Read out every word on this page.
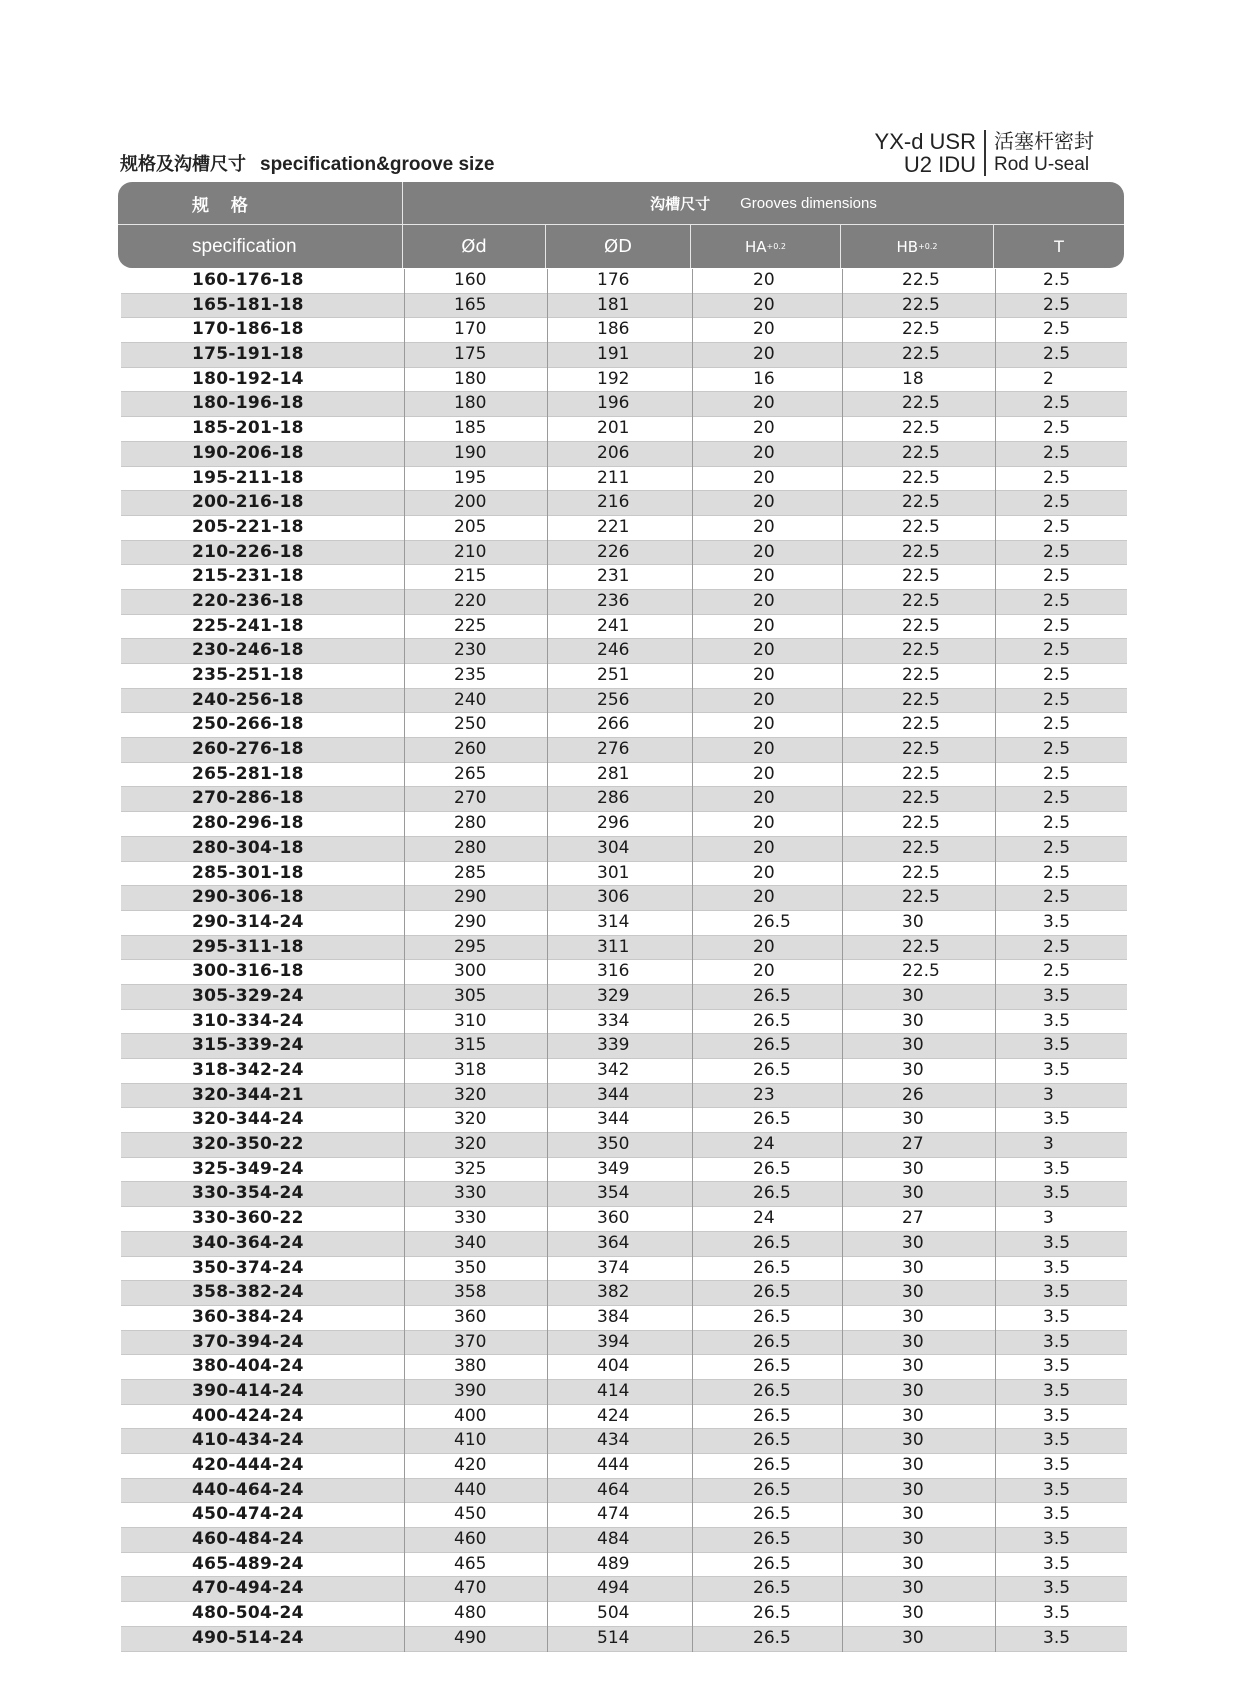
规格及沟槽尺寸 specification&groove size
YX-d USR
U2 IDU
活塞杆密封
Rod U-seal
规 格
specification
沟槽尺寸 Grooves dimensions
Ød	ØD	HA +0.2	HB +0.2	T
160-176-18	160	176	20	22.5	2.5
165-181-18	165	181	20	22.5	2.5
170-186-18	170	186	20	22.5	2.5
175-191-18	175	191	20	22.5	2.5
180-192-14	180	192	16	18	2
180-196-18	180	196	20	22.5	2.5
185-201-18	185	201	20	22.5	2.5
190-206-18	190	206	20	22.5	2.5
195-211-18	195	211	20	22.5	2.5
200-216-18	200	216	20	22.5	2.5
205-221-18	205	221	20	22.5	2.5
210-226-18	210	226	20	22.5	2.5
215-231-18	215	231	20	22.5	2.5
220-236-18	220	236	20	22.5	2.5
225-241-18	225	241	20	22.5	2.5
230-246-18	230	246	20	22.5	2.5
235-251-18	235	251	20	22.5	2.5
240-256-18	240	256	20	22.5	2.5
250-266-18	250	266	20	22.5	2.5
260-276-18	260	276	20	22.5	2.5
265-281-18	265	281	20	22.5	2.5
270-286-18	270	286	20	22.5	2.5
280-296-18	280	296	20	22.5	2.5
280-304-18	280	304	20	22.5	2.5
285-301-18	285	301	20	22.5	2.5
290-306-18	290	306	20	22.5	2.5
290-314-24	290	314	26.5	30	3.5
295-311-18	295	311	20	22.5	2.5
300-316-18	300	316	20	22.5	2.5
305-329-24	305	329	26.5	30	3.5
310-334-24	310	334	26.5	30	3.5
315-339-24	315	339	26.5	30	3.5
318-342-24	318	342	26.5	30	3.5
320-344-21	320	344	23	26	3
320-344-24	320	344	26.5	30	3.5
320-350-22	320	350	24	27	3
325-349-24	325	349	26.5	30	3.5
330-354-24	330	354	26.5	30	3.5
330-360-22	330	360	24	27	3
340-364-24	340	364	26.5	30	3.5
350-374-24	350	374	26.5	30	3.5
358-382-24	358	382	26.5	30	3.5
360-384-24	360	384	26.5	30	3.5
370-394-24	370	394	26.5	30	3.5
380-404-24	380	404	26.5	30	3.5
390-414-24	390	414	26.5	30	3.5
400-424-24	400	424	26.5	30	3.5
410-434-24	410	434	26.5	30	3.5
420-444-24	420	444	26.5	30	3.5
440-464-24	440	464	26.5	30	3.5
450-474-24	450	474	26.5	30	3.5
460-484-24	460	484	26.5	30	3.5
465-489-24	465	489	26.5	30	3.5
470-494-24	470	494	26.5	30	3.5
480-504-24	480	504	26.5	30	3.5
490-514-24	490	514	26.5	30	3.5
